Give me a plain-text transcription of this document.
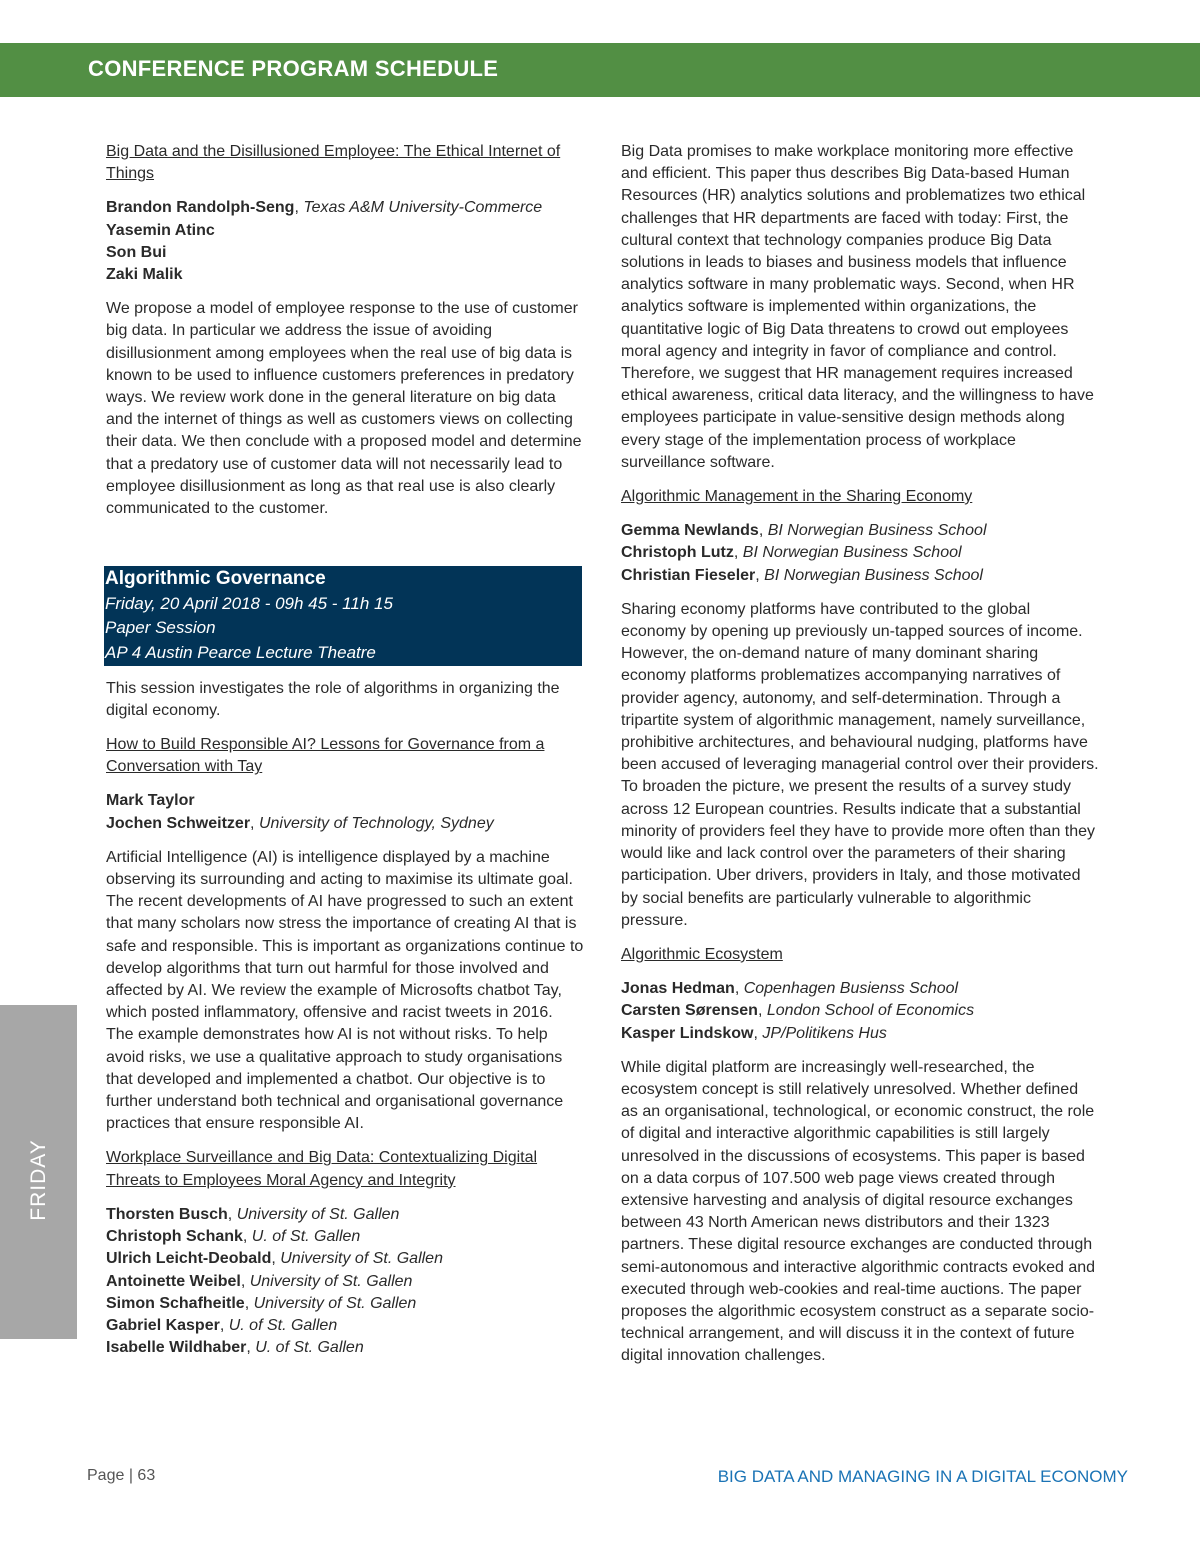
CONFERENCE PROGRAM SCHEDULE
Big Data and the Disillusioned Employee: The Ethical Internet of Things
Brandon Randolph-Seng, Texas A&M University-Commerce
Yasemin Atinc
Son Bui
Zaki Malik

We propose a model of employee response to the use of customer big data. In particular we address the issue of avoiding disillusionment among employees when the real use of big data is known to be used to influence customers preferences in predatory ways. We review work done in the general literature on big data and the internet of things as well as customers views on collecting their data. We then conclude with a proposed model and determine that a predatory use of customer data will not necessarily lead to employee disillusionment as long as that real use is also clearly communicated to the customer.

Algorithmic Governance
Friday, 20 April 2018 - 09h 45 - 11h 15
Paper Session
AP 4 Austin Pearce Lecture Theatre

This session investigates the role of algorithms in organizing the digital economy.

How to Build Responsible AI? Lessons for Governance from a Conversation with Tay
Mark Taylor
Jochen Schweitzer, University of Technology, Sydney

Artificial Intelligence (AI) is intelligence displayed by a machine observing its surrounding and acting to maximise its ultimate goal. The recent developments of AI have progressed to such an extent that many scholars now stress the importance of creating AI that is safe and responsible. This is important as organizations continue to develop algorithms that turn out harmful for those involved and affected by AI. We review the example of Microsofts chatbot Tay, which posted inflammatory, offensive and racist tweets in 2016. The example demonstrates how AI is not without risks. To help avoid risks, we use a qualitative approach to study organisations that developed and implemented a chatbot. Our objective is to further understand both technical and organisational governance practices that ensure responsible AI.

Workplace Surveillance and Big Data: Contextualizing Digital Threats to Employees Moral Agency and Integrity
Thorsten Busch, University of St. Gallen
Christoph Schank, U. of St. Gallen
Ulrich Leicht-Deobald, University of St. Gallen
Antoinette Weibel, University of St. Gallen
Simon Schafheitle, University of St. Gallen
Gabriel Kasper, U. of St. Gallen
Isabelle Wildhaber, U. of St. Gallen

Big Data promises to make workplace monitoring more effective and efficient. This paper thus describes Big Data-based Human Resources (HR) analytics solutions and problematizes two ethical challenges that HR departments are faced with today: First, the cultural context that technology companies produce Big Data solutions in leads to biases and business models that influence analytics software in many problematic ways. Second, when HR analytics software is implemented within organizations, the quantitative logic of Big Data threatens to crowd out employees moral agency and integrity in favor of compliance and control. Therefore, we suggest that HR management requires increased ethical awareness, critical data literacy, and the willingness to have employees participate in value-sensitive design methods along every stage of the implementation process of workplace surveillance software.

Algorithmic Management in the Sharing Economy
Gemma Newlands, BI Norwegian Business School
Christoph Lutz, BI Norwegian Business School
Christian Fieseler, BI Norwegian Business School

Sharing economy platforms have contributed to the global economy by opening up previously un-tapped sources of income. However, the on-demand nature of many dominant sharing economy platforms problematizes accompanying narratives of provider agency, autonomy, and self-determination. Through a tripartite system of algorithmic management, namely surveillance, prohibitive architectures, and behavioural nudging, platforms have been accused of leveraging managerial control over their providers. To broaden the picture, we present the results of a survey study across 12 European countries. Results indicate that a substantial minority of providers feel they have to provide more often than they would like and lack control over the parameters of their sharing participation. Uber drivers, providers in Italy, and those motivated by social benefits are particularly vulnerable to algorithmic pressure.

Algorithmic Ecosystem
Jonas Hedman, Copenhagen Busienss School
Carsten Sørensen, London School of Economics
Kasper Lindskow, JP/Politikens Hus

While digital platform are increasingly well-researched, the ecosystem concept is still relatively unresolved. Whether defined as an organisational, technological, or economic construct, the role of digital and interactive algorithmic capabilities is still largely unresolved in the discussions of ecosystems. This paper is based on a data corpus of 107.500 web page views created through extensive harvesting and analysis of digital resource exchanges between 43 North American news distributors and their 1323 partners. These digital resource exchanges are conducted through semi-autonomous and interactive algorithmic contracts evoked and executed through web-cookies and real-time auctions. The paper proposes the algorithmic ecosystem construct as a separate socio-technical arrangement, and will discuss it in the context of future digital innovation challenges.

FRIDAY
Page | 63	BIG DATA AND MANAGING IN A DIGITAL ECONOMY
